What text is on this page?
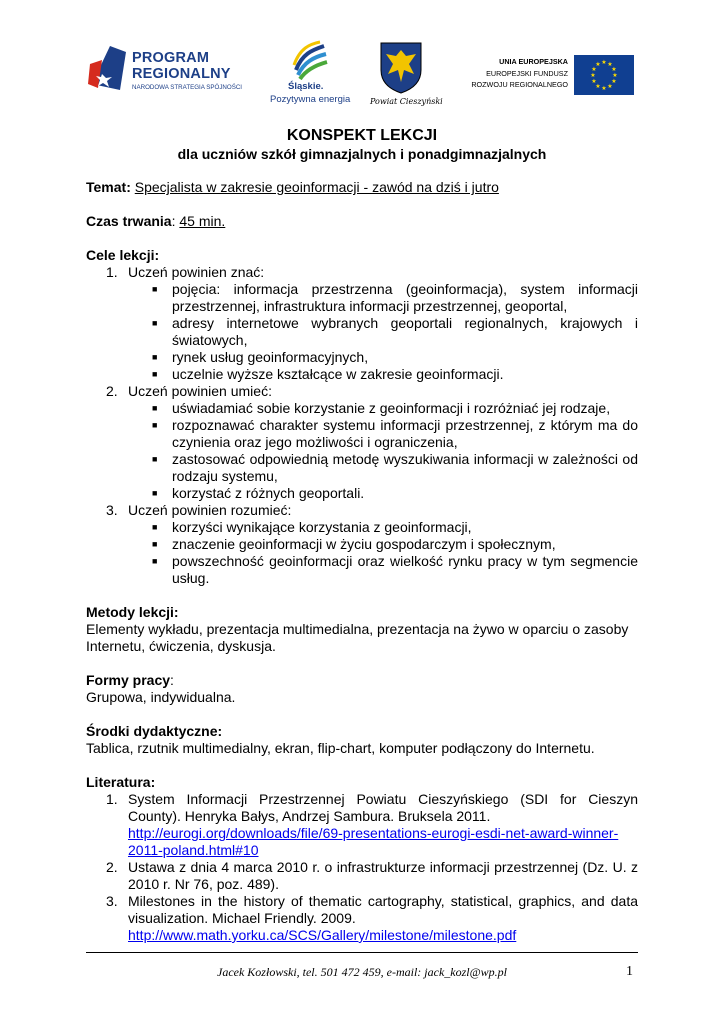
PROGRAM
REGIONALNY
NARODOWA STRATEGIA SPÓJNOŚCI	Śląskie.
Pozytywna energia Powiat Cieszyński
UNIA EUROPEJSKA
EUROPEJSKI FUNDUSZ
ROZWOJU REGIONALNEGO
★ ★
★
★
★
★
★
★
★
★
★
★
KONSPEKT LEKCJI
dla uczniów szkół gimnazjalnych i ponadgimnazjalnych

Temat: Specjalista w zakresie geoinformacji - zawód na dziś i jutro

Czas trwania: 45 min.

Cele lekcji:

1. Uczeń powinien znać:
■	pojęcia: informacja przestrzenna (geoinformacja), system informacji przestrzennej, infrastruktura informacji przestrzennej, geoportal,
■	adresy internetowe wybranych geoportali regionalnych, krajowych i światowych,
■	rynek usług geoinformacyjnych,
■	uczelnie wyższe kształcące w zakresie geoinformacji.
2. Uczeń powinien umieć:
■	uświadamiać sobie korzystanie z geoinformacji i rozróżniać jej rodzaje,
■	rozpoznawać charakter systemu informacji przestrzennej, z którym ma do czynienia oraz jego możliwości i ograniczenia,
■	zastosować odpowiednią metodę wyszukiwania informacji w zależności od rodzaju systemu,
■	korzystać z różnych geoportali.
3. Uczeń powinien rozumieć:
■	korzyści wynikające korzystania z geoinformacji,
■	znaczenie geoinformacji w życiu gospodarczym i społecznym,
■	powszechność geoinformacji oraz wielkość rynku pracy w tym segmencie usług.

Metody lekcji:

Elementy wykładu, prezentacja multimedialna, prezentacja na żywo w oparciu o zasoby Internetu, ćwiczenia, dyskusja.

Formy pracy:

Grupowa, indywidualna.

Środki dydaktyczne:

Tablica, rzutnik multimedialny, ekran, flip-chart, komputer podłączony do Internetu.

Literatura:

1. System Informacji Przestrzennej Powiatu Cieszyńskiego (SDI for Cieszyn County). Henryka Bałys, Andrzej Sambura. Bruksela 2011.
http://eurogi.org/downloads/file/69-presentations-eurogi-esdi-net-award-winner-2011-poland.html#10
2. Ustawa z dnia 4 marca 2010 r. o infrastrukturze informacji przestrzennej (Dz. U. z 2010 r. Nr 76, poz. 489).
3. Milestones in the history of thematic cartography, statistical, graphics, and data visualization. Michael Friendly. 2009.
http://www.math.yorku.ca/SCS/Gallery/milestone/milestone.pdf
Jacek Kozłowski, tel. 501 472 459, e-mail: jack_kozl@wp.pl	1
